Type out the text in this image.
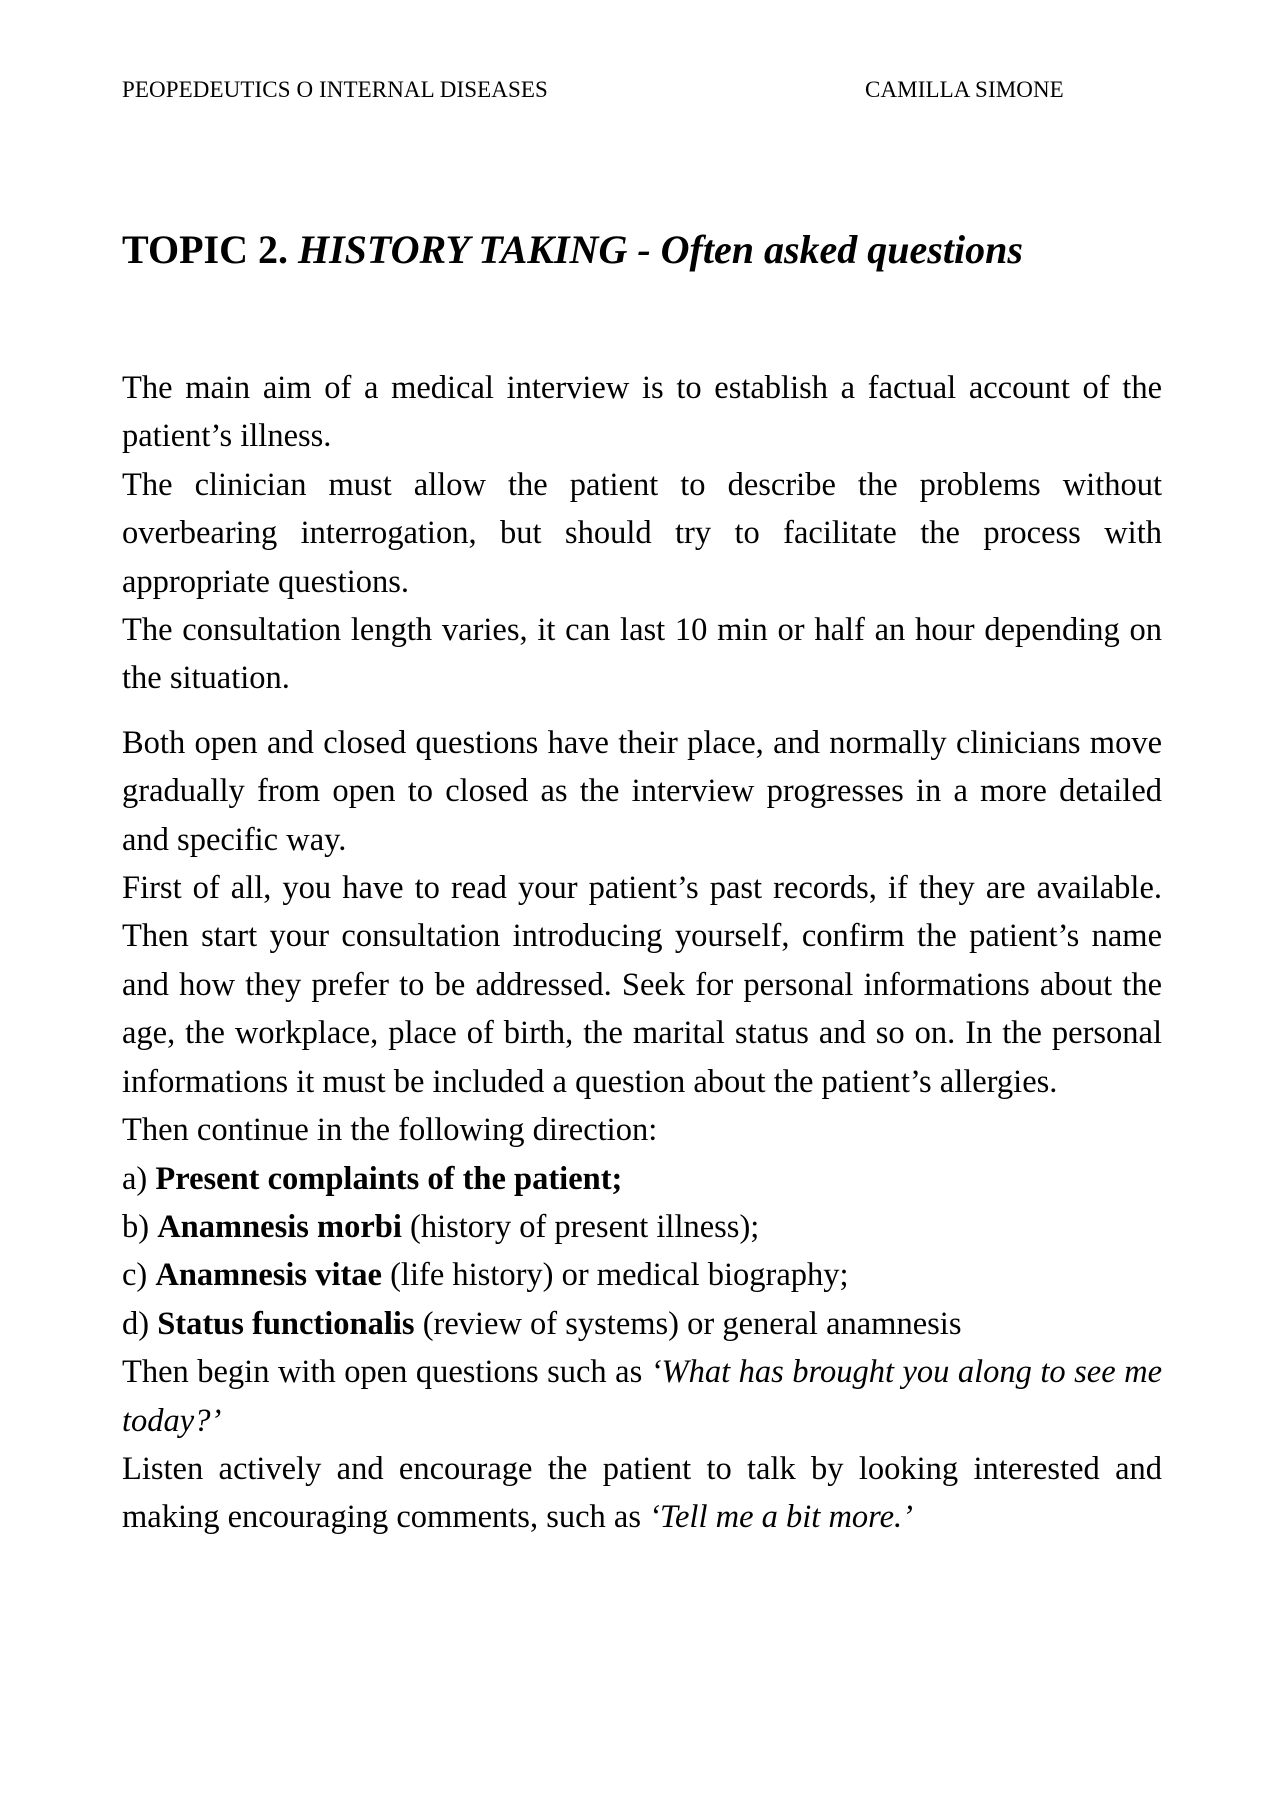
PEOPEDEUTICS O INTERNAL DISEASES	CAMILLA SIMONE
TOPIC 2. HISTORY TAKING - Often asked questions

The main aim of a medical interview is to establish a factual account of the patient’s illness.

The clinician must allow the patient to describe the problems without overbearing interrogation, but should try to facilitate the process with appropriate questions.

The consultation length varies, it can last 10 min or half an hour depending on the situation.

Both open and closed questions have their place, and normally clinicians move gradually from open to closed as the interview progresses in a more detailed and specific way.

First of all, you have to read your patient’s past records, if they are available. Then start your consultation introducing yourself, confirm the patient’s name and how they prefer to be addressed. Seek for personal informations about the age, the workplace, place of birth, the marital status and so on. In the personal informations it must be included a question about the patient’s allergies.

Then continue in the following direction:

a) Present complaints of the patient;

b) Anamnesis morbi (history of present illness);

c) Anamnesis vitae (life history) or medical biography;

d) Status functionalis (review of systems) or general anamnesis

Then begin with open questions such as ‘What has brought you along to see me today?’

Listen actively and encourage the patient to talk by looking interested and making encouraging comments, such as ‘Tell me a bit more.’
